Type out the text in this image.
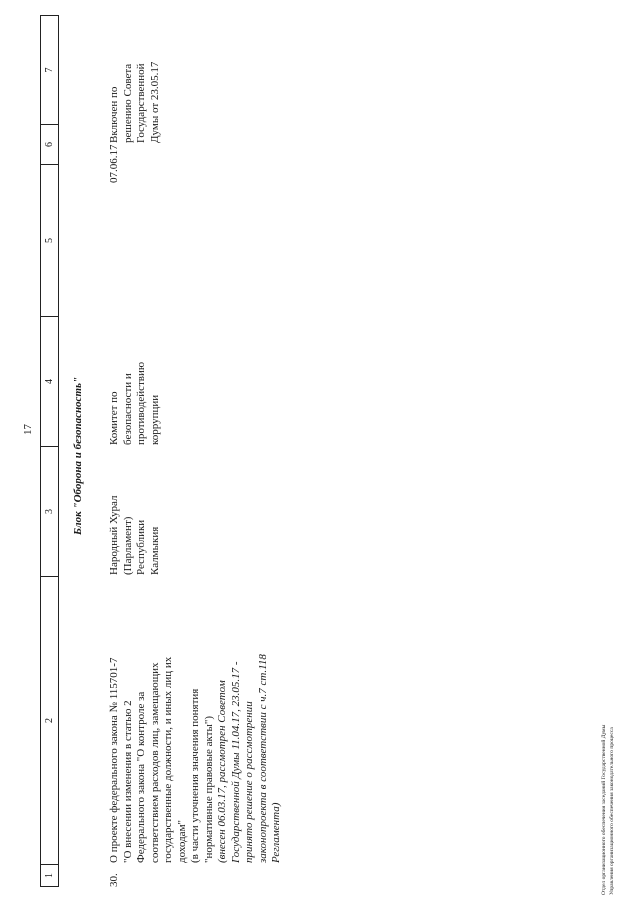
17
1
2
3
4
5
6
7
Блок "Оборона и безопасность"
30.
О проекте федерального закона № 115701-7 "О внесении изменения в статью 2 Федерального закона "О контроле за соответствием расходов лиц, замещающих государственные должности, и иных лиц их доходам" (в части уточнения значения понятия "нормативные правовые акты") (внесен 06.03.17, рассмотрен Советом Государственной Думы 11.04.17, 23.05.17 - принято решение о рассмотрении законопроекта в соответствии с ч.7 ст.118 Регламента)
Народный Хурал (Парламент) Республики Калмыкия
Комитет по безопасности и противодействию коррупции
07.06.17
Включен по решению Совета Государственной Думы от 23.05.17
Отдел организационного обеспечения заседаний Государственной Думы Управления организационного обеспечения законодательного процесса
